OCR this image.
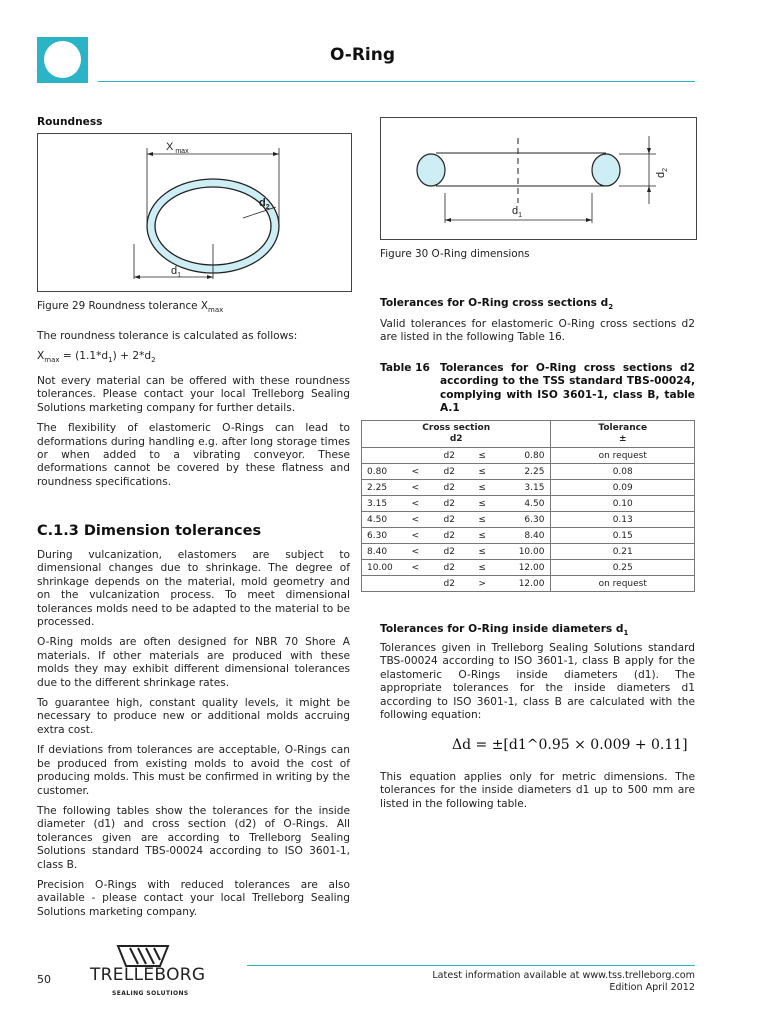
O-Ring
Roundness
X $_{max}$
$d_1$
$d_2$
Figure 29 Roundness tolerance $X_{max}$

The roundness tolerance is calculated as follows:

$X_{max} = (1.1*d_1) + 2*d_2$

Not every material can be offered with these roundness tolerances. Please contact your local Trelleborg Sealing Solutions marketing company for further details.

The flexibility of elastomeric O-Rings can lead to deformations during handling e.g. after long storage times or when added to a vibrating conveyor. These deformations cannot be covered by these flatness and roundness specifications.

C.1.3 Dimension tolerances

During vulcanization, elastomers are subject to dimensional changes due to shrinkage. The degree of shrinkage depends on the material, mold geometry and on the vulcanization process. To meet dimensional tolerances molds need to be adapted to the material to be processed.

O-Ring molds are often designed for NBR 70 Shore A materials. If other materials are produced with these molds they may exhibit different dimensional tolerances due to the different shrinkage rates.

To guarantee high, constant quality levels, it might be necessary to produce new or additional molds accruing extra cost.

If deviations from tolerances are acceptable, O-Rings can be produced from existing molds to avoid the cost of producing molds. This must be confirmed in writing by the customer.

The following tables show the tolerances for the inside diameter (d1) and cross section (d2) of O-Rings. All tolerances given are according to Trelleborg Sealing Solutions standard TBS-00024 according to ISO 3601-1, class B.

Precision O-Rings with reduced tolerances are also available - please contact your local Trelleborg Sealing Solutions marketing company.

$d_1$
$d_2$
Figure 30 O-Ring dimensions
Tolerances for O-Ring cross sections $d_2$
Valid tolerances for elastomeric O-Ring cross sections d2 are listed in the following Table 16.
Table 16 Tolerances for O-Ring cross sections d2 according to the TSS standard TBS-00024, complying with ISO 3601-1, class B, table A.1
Cross section
d2					Tolerance
±
		d2	≤	0.80	on request
0.80	<	d2	≤	2.25	0.08
2.25	<	d2	≤	3.15	0.09
3.15	<	d2	≤	4.50	0.10
4.50	<	d2	≤	6.30	0.13
6.30	<	d2	≤	8.40	0.15
8.40	<	d2	≤	10.00	0.21
10.00	<	d2	≤	12.00	0.25
		d2	>	12.00	on request
Tolerances for O-Ring inside diameters $d_1$
Tolerances given in Trelleborg Sealing Solutions standard TBS-00024 according to ISO 3601-1, class B apply for the elastomeric O-Rings inside diameters (d1). The appropriate tolerances for the inside diameters d1 according to ISO 3601-1, class B are calculated with the following equation:
Δd = ±[d1^0.95 × 0.009 + 0.11]
This equation applies only for metric dimensions. The tolerances for the inside diameters d1 up to 500 mm are listed in the following table.
50 TRELLEBORG
SEALING SOLUTIONS
Latest information available at www.tss.trelleborg.com
Edition April 2012
